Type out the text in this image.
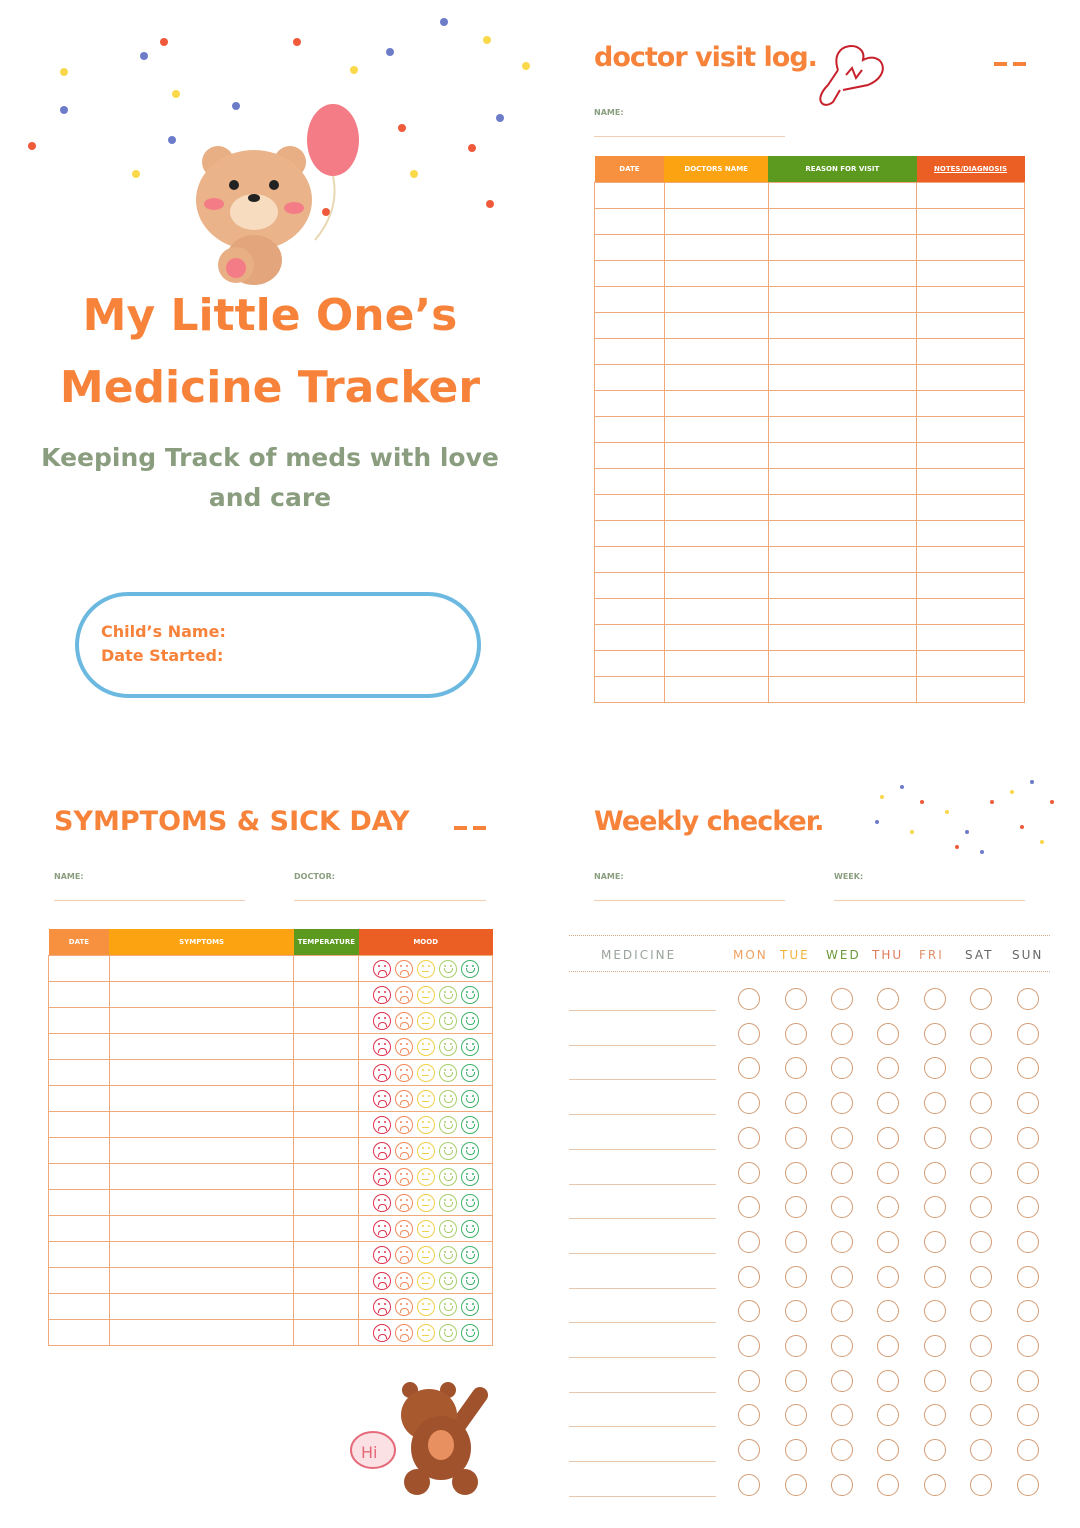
My Little One’s
Medicine Tracker
Keeping Track of meds with love
and care
Child’s Name:
Date Started:
doctor visit log.
NAME:
DATE	DOCTORS NAME	REASON FOR VISIT	NOTES/DIAGNOSIS

SYMPTOMS & SICK DAY
NAME:	DOCTOR:
DATE	SYMPTOMS	TEMPERATURE	MOOD

Hi
Weekly checker.
NAME:	WEEK:
MEDICINE	MON TUE WED THU FRI SAT SUN
